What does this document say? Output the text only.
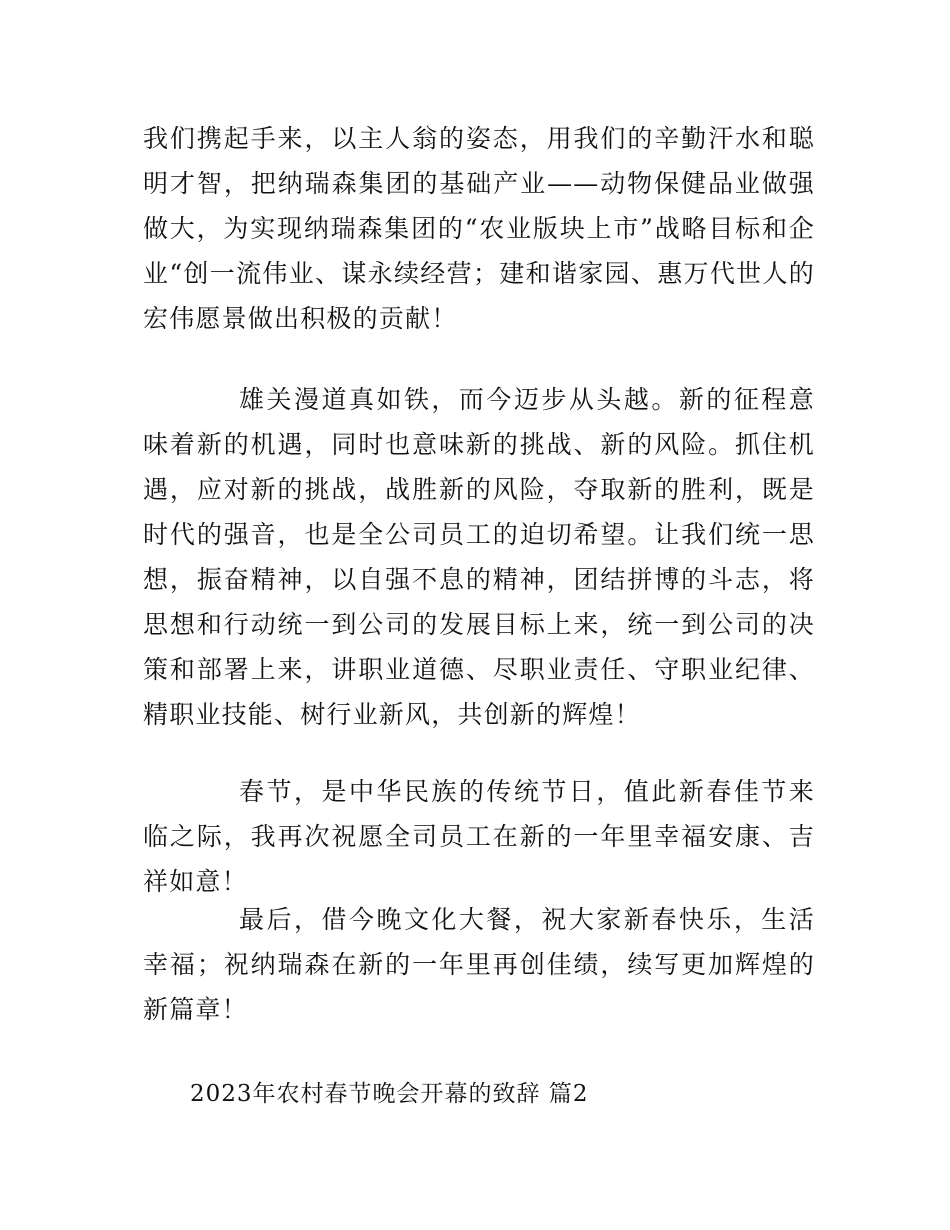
我们携起手来，以主人翁的姿态，用我们的辛勤汗水和聪明才智，把纳瑞森集团的基础产业——动物保健品业做强做大，为实现纳瑞森集团的“农业版块上市”战略目标和企业“创一流伟业、谋永续经营；建和谐家园、惠万代世人的宏伟愿景做出积极的贡献！

雄关漫道真如铁，而今迈步从头越。新的征程意味着新的机遇，同时也意味新的挑战、新的风险。抓住机遇，应对新的挑战，战胜新的风险，夺取新的胜利，既是时代的强音，也是全公司员工的迫切希望。让我们统一思想，振奋精神，以自强不息的精神，团结拼博的斗志，将思想和行动统一到公司的发展目标上来，统一到公司的决策和部署上来，讲职业道德、尽职业责任、守职业纪律、精职业技能、树行业新风，共创新的辉煌！

春节，是中华民族的传统节日，值此新春佳节来临之际，我再次祝愿全司员工在新的一年里幸福安康、吉祥如意！

最后，借今晚文化大餐，祝大家新春快乐，生活幸福；祝纳瑞森在新的一年里再创佳绩，续写更加辉煌的新篇章！

2023年农村春节晚会开幕的致辞 篇2
